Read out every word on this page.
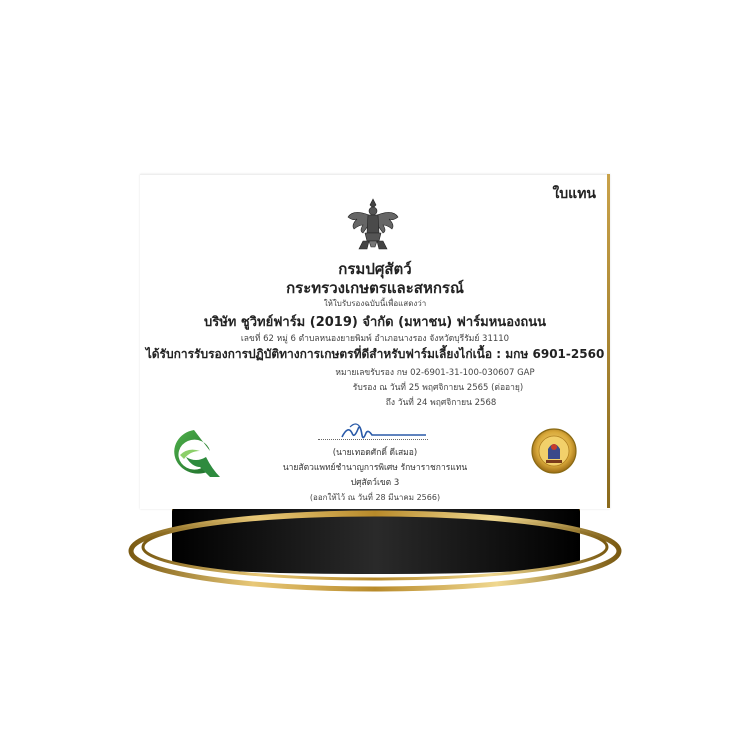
ใบแทน
กรมปศุสัตว์
กระทรวงเกษตรและสหกรณ์
ให้ใบรับรองฉบับนี้เพื่อแสดงว่า
บริษัท ชูวิทย์ฟาร์ม (2019) จำกัด (มหาชน) ฟาร์มหนองถนน
เลขที่ 62 หมู่ 6 ตำบลหนองยายพิมพ์ อำเภอนางรอง จังหวัดบุรีรัมย์ 31110
ได้รับการรับรองการปฏิบัติทางการเกษตรที่ดีสำหรับฟาร์มเลี้ยงไก่เนื้อ : มกษ 6901-2560
หมายเลขรับรอง กษ 02-6901-31-100-030607 GAP
รับรอง ณ วันที่ 25 พฤศจิกายน 2565 (ต่ออายุ)
ถึง วันที่ 24 พฤศจิกายน 2568
(นายเทอดศักดิ์ ดีเสมอ)
นายสัตวแพทย์ชำนาญการพิเศษ รักษาราชการแทน
ปศุสัตว์เขต 3
(ออกให้ไว้ ณ วันที่ 28 มีนาคม 2566)
